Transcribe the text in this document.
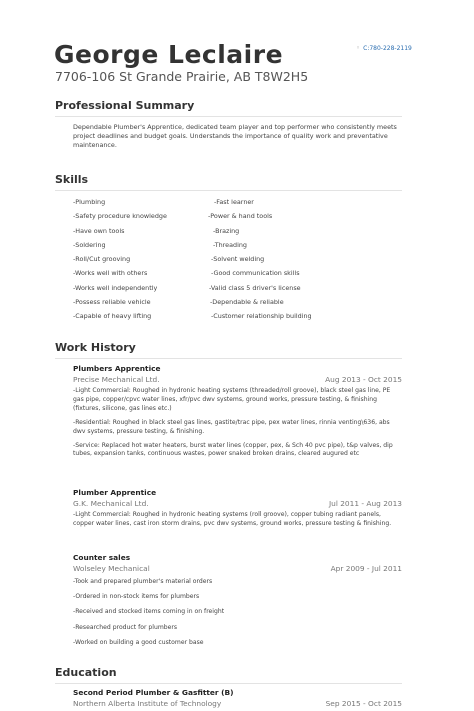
George Leclaire
7706-106 St Grande Prairie, AB T8W2H5
◦ C:780-228-2119
Professional Summary
Dependable Plumber's Apprentice, dedicated team player and top performer who consistently meets project deadlines and budget goals. Understands the importance of quality work and preventative maintenance.
Skills
-Plumbing
-Safety procedure knowledge
-Have own tools
-Soldering
-Roll/Cut grooving
-Works well with others
-Works well independently
-Possess reliable vehicle
-Capable of heavy lifting
-Fast learner
-Power & hand tools
-Brazing
-Threading
-Solvent welding
-Good communication skills
-Valid class 5 driver's license
-Dependable & reliable
-Customer relationship building
Work History
Plumbers Apprentice
Precise Mechanical Ltd.	Aug 2013 - Oct 2015
-Light Commercial: Roughed in hydronic heating systems (threaded/roll groove), black steel gas line, PE gas pipe, copper/cpvc water lines, xfr/pvc dwv systems, ground works, pressure testing, & finishing (fixtures, silicone, gas lines etc.)
-Residential: Roughed in black steel gas lines, gastite/trac pipe, pex water lines, rinnia venting\636, abs dwv systems, pressure testing, & finishing.
-Service: Replaced hot water heaters, burst water lines (copper, pex, & Sch 40 pvc pipe), t&p valves, dip tubes, expansion tanks, continuous wastes, power snaked broken drains, cleared augured etc
Plumber Apprentice
G.K. Mechanical Ltd.	Jul 2011 - Aug 2013
-Light Commercial: Roughed in hydronic heating systems (roll groove), copper tubing radiant panels, copper water lines, cast iron storm drains, pvc dwv systems, ground works, pressure testing & finishing.
Counter sales
Wolseley Mechanical	Apr 2009 - Jul 2011
-Took and prepared plumber's material orders
-Ordered in non-stock items for plumbers
-Received and stocked items coming in on freight
-Researched product for plumbers
-Worked on building a good customer base
Education
Second Period Plumber & Gasfitter (B)
Northern Alberta Institute of Technology	Sep 2015 - Oct 2015
